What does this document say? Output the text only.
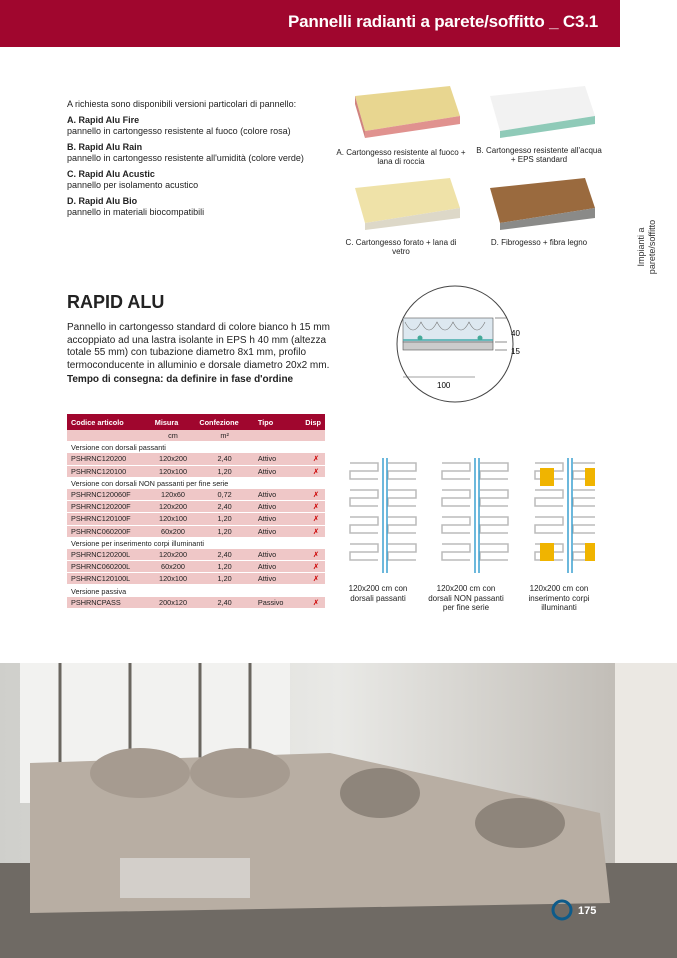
Pannelli radianti a parete/soffitto _ C3.1
Impianti a parete/soffitto

A richiesta sono disponibili versioni particolari di pannello:

A. Rapid Alu Fire
pannello in cartongesso resistente al fuoco (colore rosa)

B. Rapid Alu Rain
pannello in cartongesso resistente all'umidità (colore verde)

C. Rapid Alu Acustic
pannello per isolamento acustico

D. Rapid Alu Bio
pannello in materiali biocompatibili

A. Cartongesso resistente al fuoco + lana di roccia
B. Cartongesso resistente all'acqua + EPS standard
C. Cartongesso forato + lana di vetro
D. Fibrogesso + fibra legno
RAPID ALU
Pannello in cartongesso standard di colore bianco h 15 mm accoppiato ad una lastra isolante in EPS h 40 mm (altezza totale 55 mm) con tubazione diametro 8x1 mm, profilo termoconducente in alluminio e dorsale diametro 20x2 mm.
Tempo di consegna: da definire in fase d'ordine
40
15
100
Codice articolo	Misura	Confezione	Tipo	Disp
	cm	m²		
Versione con dorsali passanti				
PSHRNC120200	120x200	2,40	Attivo	✗
PSHRNC120100	120x100	1,20	Attivo	✗
Versione con dorsali NON passanti per fine serie				
PSHRNC120060F	120x60	0,72	Attivo	✗
PSHRNC120200F	120x200	2,40	Attivo	✗
PSHRNC120100F	120x100	1,20	Attivo	✗
PSHRNC060200F	60x200	1,20	Attivo	✗
Versione per inserimento corpi illuminanti				
PSHRNC120200L	120x200	2,40	Attivo	✗
PSHRNC060200L	60x200	1,20	Attivo	✗
PSHRNC120100L	120x100	1,20	Attivo	✗
Versione passiva				
PSHRNCPASS	200x120	2,40	Passivo	✗
120x200 cm con dorsali passanti
120x200 cm con dorsali NON passanti per fine serie
120x200 cm con inserimento corpi illuminanti
175
